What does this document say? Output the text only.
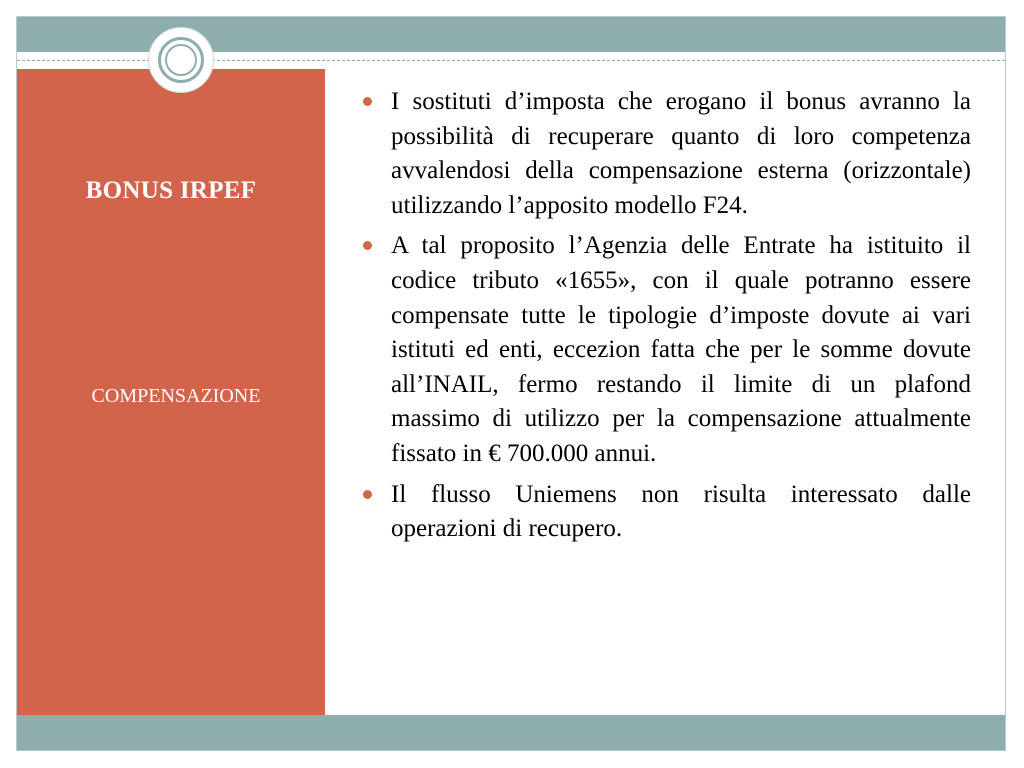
BONUS IRPEF
COMPENSAZIONE
I sostituti d’imposta che erogano il bonus avranno la possibilità di recuperare quanto di loro competenza avvalendosi della compensazione esterna (orizzontale) utilizzando l’apposito modello F24.
A tal proposito l’Agenzia delle Entrate ha istituito il codice tributo «1655», con il quale potranno essere compensate tutte le tipologie d’imposte dovute ai vari istituti ed enti, eccezion fatta che per le somme dovute all’INAIL, fermo restando il limite di un plafond massimo di utilizzo per la compensazione attualmente fissato in € 700.000 annui.
Il flusso Uniemens non risulta interessato dalle operazioni di recupero.
